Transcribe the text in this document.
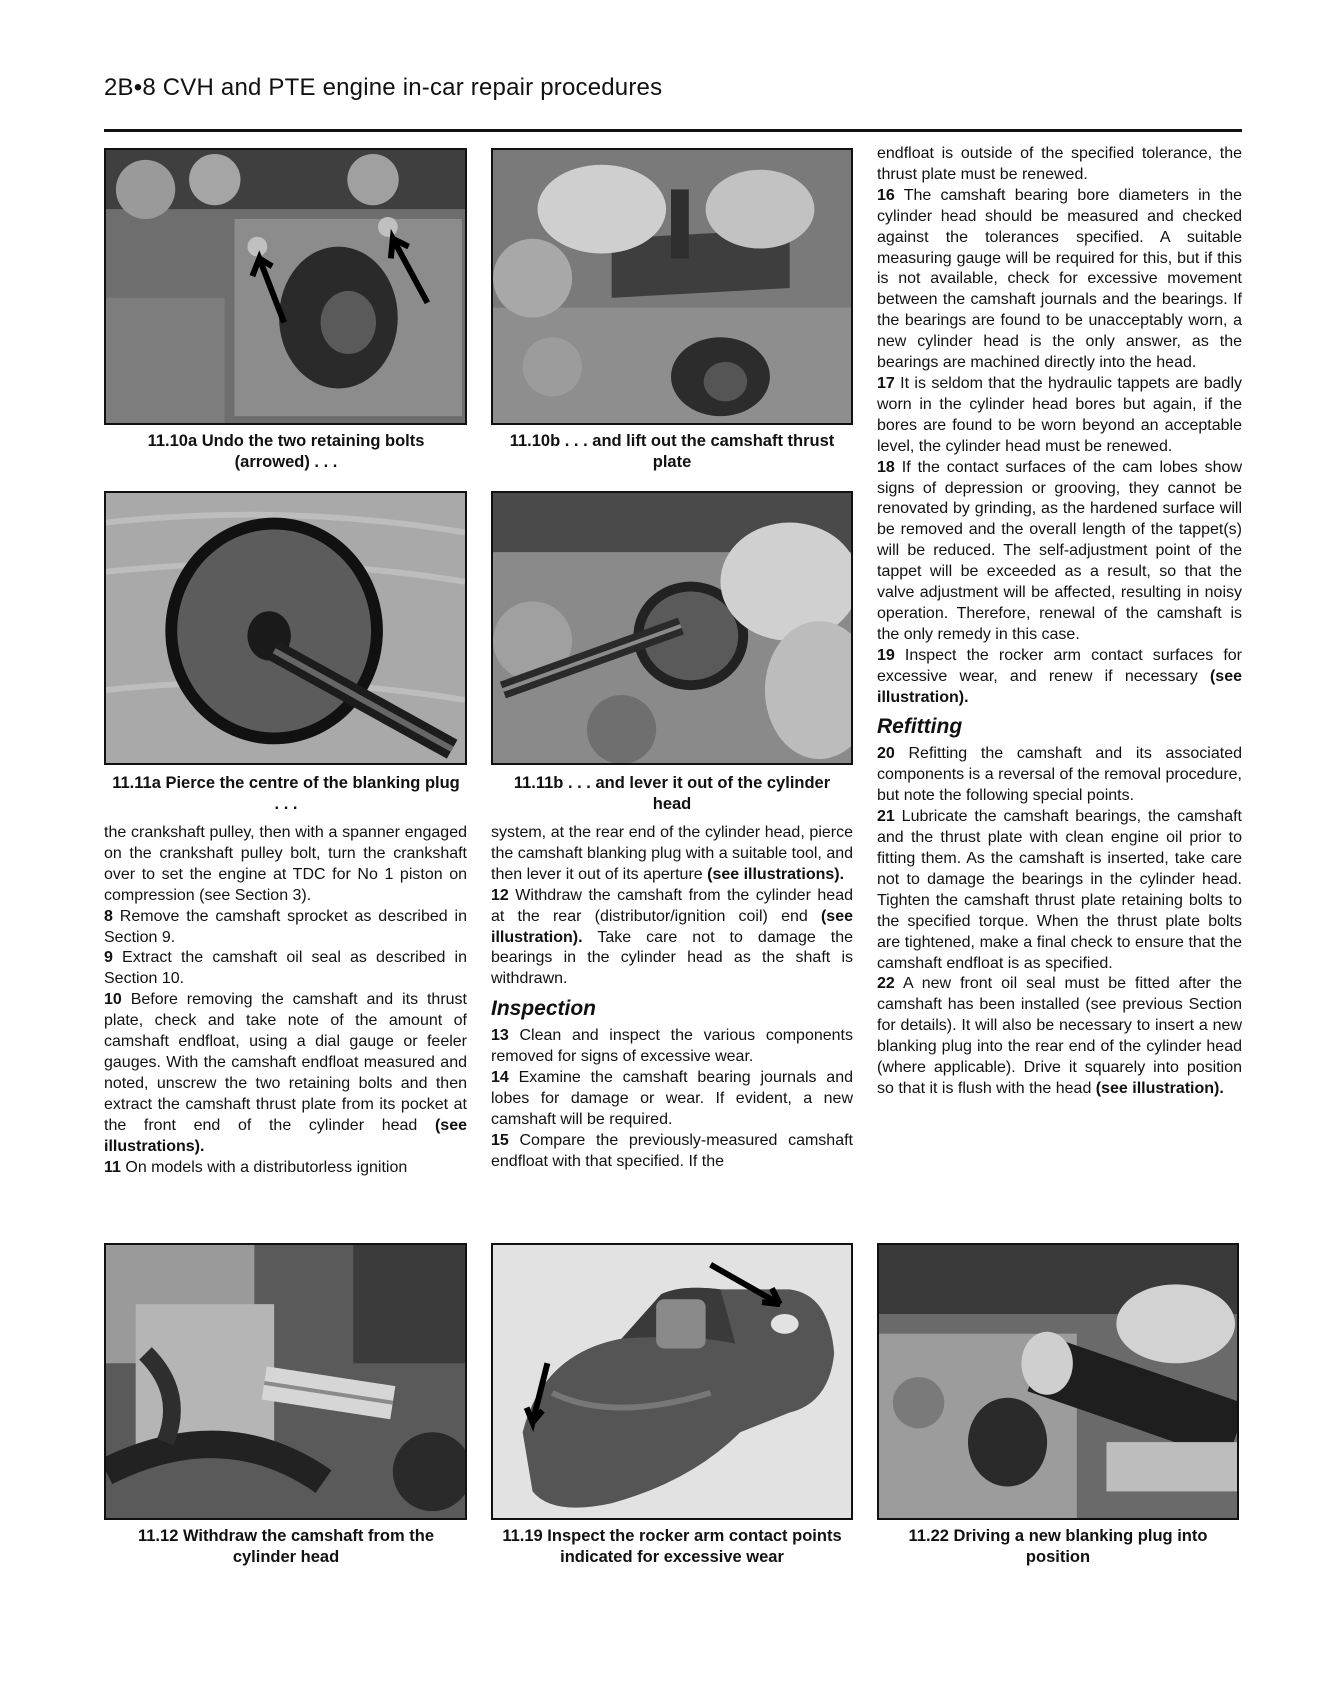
2B•8 CVH and PTE engine in-car repair procedures
11.10a Undo the two retaining bolts (arrowed) . . .
11.10b . . . and lift out the camshaft thrust plate
11.11a Pierce the centre of the blanking plug . . .
11.11b . . . and lever it out of the cylinder head

the crankshaft pulley, then with a spanner engaged on the crankshaft pulley bolt, turn the crankshaft over to set the engine at TDC for No 1 piston on compression (see Section 3).

8 Remove the camshaft sprocket as described in Section 9.

9 Extract the camshaft oil seal as described in Section 10.

10 Before removing the camshaft and its thrust plate, check and take note of the amount of camshaft endfloat, using a dial gauge or feeler gauges. With the camshaft endfloat measured and noted, unscrew the two retaining bolts and then extract the camshaft thrust plate from its pocket at the front end of the cylinder head (see illustrations).

11 On models with a distributorless ignition

system, at the rear end of the cylinder head, pierce the camshaft blanking plug with a suitable tool, and then lever it out of its aperture (see illustrations).

12 Withdraw the camshaft from the cylinder head at the rear (distributor/ignition coil) end (see illustration). Take care not to damage the bearings in the cylinder head as the shaft is withdrawn.

Inspection

13 Clean and inspect the various components removed for signs of excessive wear.

14 Examine the camshaft bearing journals and lobes for damage or wear. If evident, a new camshaft will be required.

15 Compare the previously-measured camshaft endfloat with that specified. If the

endfloat is outside of the specified tolerance, the thrust plate must be renewed.

16 The camshaft bearing bore diameters in the cylinder head should be measured and checked against the tolerances specified. A suitable measuring gauge will be required for this, but if this is not available, check for excessive movement between the camshaft journals and the bearings. If the bearings are found to be unacceptably worn, a new cylinder head is the only answer, as the bearings are machined directly into the head.

17 It is seldom that the hydraulic tappets are badly worn in the cylinder head bores but again, if the bores are found to be worn beyond an acceptable level, the cylinder head must be renewed.

18 If the contact surfaces of the cam lobes show signs of depression or grooving, they cannot be renovated by grinding, as the hardened surface will be removed and the overall length of the tappet(s) will be reduced. The self-adjustment point of the tappet will be exceeded as a result, so that the valve adjustment will be affected, resulting in noisy operation. Therefore, renewal of the camshaft is the only remedy in this case.

19 Inspect the rocker arm contact surfaces for excessive wear, and renew if necessary (see illustration).

Refitting

20 Refitting the camshaft and its associated components is a reversal of the removal procedure, but note the following special points.

21 Lubricate the camshaft bearings, the camshaft and the thrust plate with clean engine oil prior to fitting them. As the camshaft is inserted, take care not to damage the bearings in the cylinder head. Tighten the camshaft thrust plate retaining bolts to the specified torque. When the thrust plate bolts are tightened, make a final check to ensure that the camshaft endfloat is as specified.

22 A new front oil seal must be fitted after the camshaft has been installed (see previous Section for details). It will also be necessary to insert a new blanking plug into the rear end of the cylinder head (where applicable). Drive it squarely into position so that it is flush with the head (see illustration).

11.12 Withdraw the camshaft from the cylinder head
11.19 Inspect the rocker arm contact points indicated for excessive wear
11.22 Driving a new blanking plug into position
